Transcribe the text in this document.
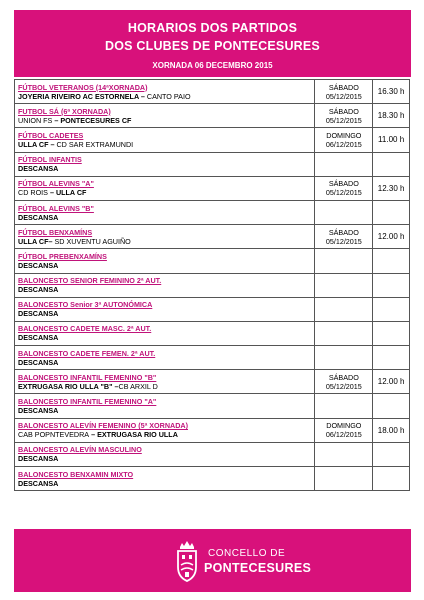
HORARIOS DOS PARTIDOS
DOS CLUBES DE PONTECESURES
XORNADA 06 DECEMBRO 2015
FÚTBOL VETERANOS (14ªXORNADA)
JOYERIA RIVEIRO AC ESTORNELA – CANTO PAIO	SÁBADO
05/12/2015	16.30 h

FUTBOL SÁ (6ª XORNADA)
UNION FS – PONTECESURES CF	SÁBADO
05/12/2015	18.30 h

FÚTBOL CADETES
ULLA CF – CD SAR EXTRAMUNDI	DOMINGO
06/12/2015	11.00 h

FÚTBOL INFANTIS
DESCANSA		

FÚTBOL ALEVINS "A"
CD ROIS – ULLA CF	SÁBADO
05/12/2015	12.30 h

FÚTBOL ALEVINS "B"
DESCANSA		

FÚTBOL BENXAMÍNS
ULLA CF– SD XUVENTU AGUIÑO	SÁBADO
05/12/2015	12.00 h

FÚTBOL PREBENXAMÍNS
DESCANSA		

BALONCESTO SENIOR FEMININO 2ª AUT.
DESCANSA		

BALONCESTO Senior 3ª AUTONÓMICA
DESCANSA		

BALONCESTO CADETE MASC. 2ª AUT.
DESCANSA		

BALONCESTO CADETE FEMEN. 2ª AUT.
DESCANSA		

BALONCESTO INFANTIL FEMENINO "B"
EXTRUGASA RIO ULLA "B" –CB ARXIL D	SÁBADO
05/12/2015	12.00 h

BALONCESTO INFANTIL FEMENINO "A"
DESCANSA		

BALONCESTO ALEVÍN FEMENINO (5ª XORNADA)
CAB POPNTEVEDRA – EXTRUGASA RIO ULLA	DOMINGO
06/12/2015	18.00 h

BALONCESTO ALEVÍN MASCULINO
DESCANSA		

BALONCESTO BENXAMIN MIXTO
DESCANSA		

CONCELLO DE
PONTECESURES
